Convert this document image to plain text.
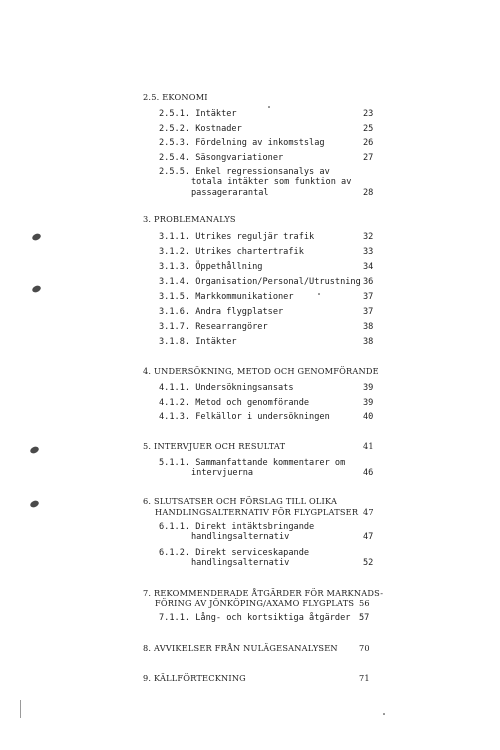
2.5. EKONOMI
2.5.1. Intäkter	23
2.5.2. Kostnader	25
2.5.3. Fördelning av inkomstslag	26
2.5.4. Säsongvariationer	27
2.5.5. Enkel regressionsanalys av
totala intäkter som funktion av
passagerarantal	28
3. PROBLEMANALYS
3.1.1. Utrikes reguljär trafik	32
3.1.2. Utrikes chartertrafik	33
3.1.3. Öppethållning	34
3.1.4. Organisation/Personal/Utrustning 36
3.1.5. Markkommunikationer	37
3.1.6. Andra flygplatser	37
3.1.7. Researrangörer	38
3.1.8. Intäkter	38
4. UNDERSÖKNING, METOD OCH GENOMFÖRANDE
4.1.1. Undersökningsansats	39
4.1.2. Metod och genomförande	39
4.1.3. Felkällor i undersökningen	40
5. INTERVJUER OCH RESULTAT	41
5.1.1. Sammanfattande kommentarer om
intervjuerna	46
6. SLUTSATSER OCH FÖRSLAG TILL OLIKA
HANDLINGSALTERNATIV FÖR FLYGPLATSER 47
6.1.1. Direkt intäktsbringande
handlingsalternativ	47
6.1.2. Direkt serviceskapande
handlingsalternativ	52
7. REKOMMENDERADE ÅTGÄRDER FÖR MARKNADS-
FÖRING AV JÖNKÖPING/AXAMO FLYGPLATS 56
7.1.1. Lång- och kortsiktiga åtgärder 57
8. AVVIKELSER FRÅN NULÄGESANALYSEN	70
9. KÄLLFÖRTECKNING	71
